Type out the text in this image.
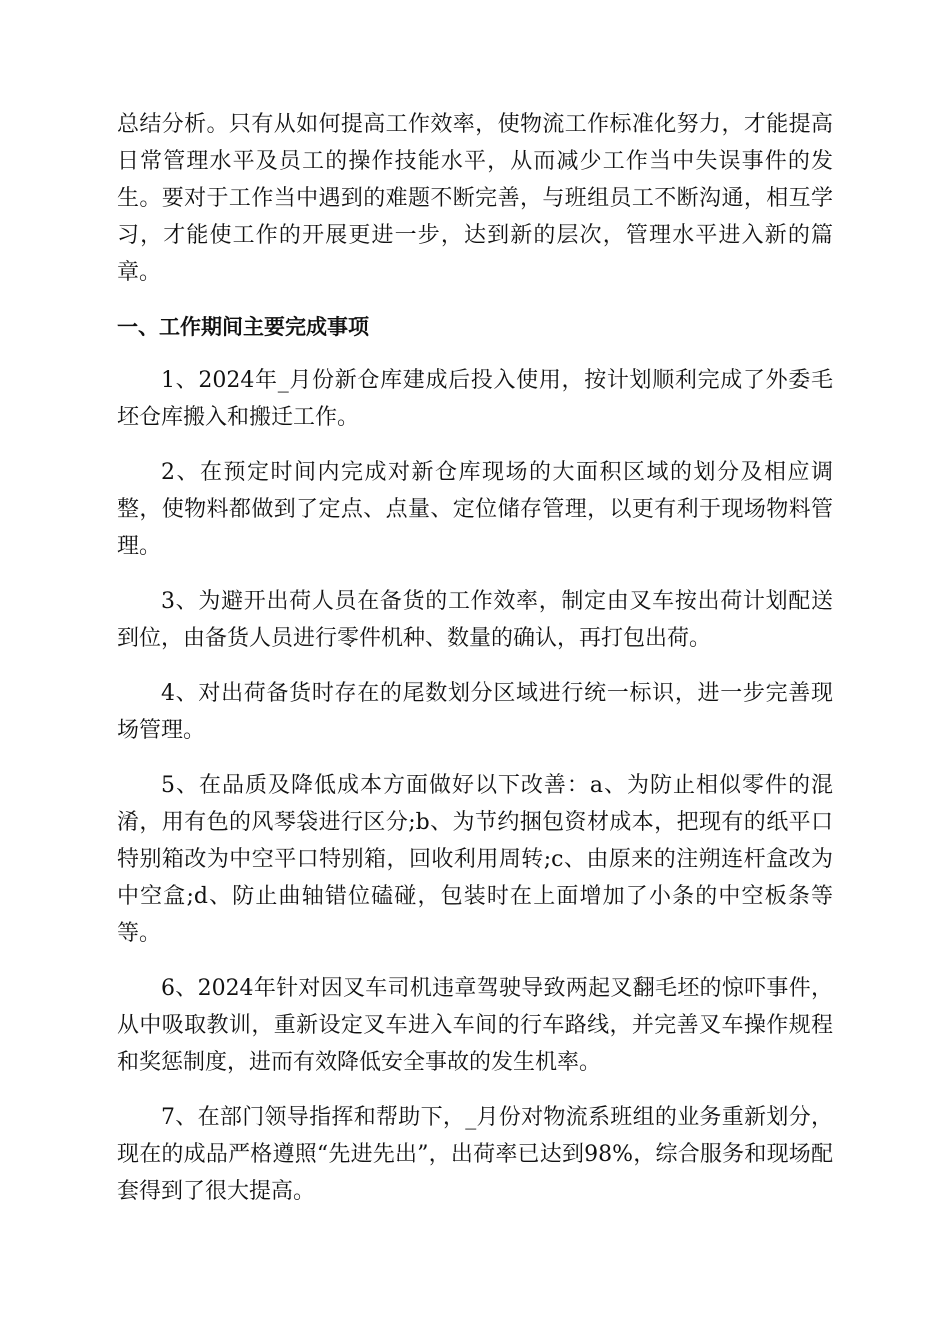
总结分析。只有从如何提高工作效率，使物流工作标准化努力，才能提高日常管理水平及员工的操作技能水平，从而减少工作当中失误事件的发生。要对于工作当中遇到的难题不断完善，与班组员工不断沟通，相互学习，才能使工作的开展更进一步，达到新的层次，管理水平进入新的篇章。

一、工作期间主要完成事项

1、2024年_月份新仓库建成后投入使用，按计划顺利完成了外委毛坯仓库搬入和搬迁工作。

2、在预定时间内完成对新仓库现场的大面积区域的划分及相应调整，使物料都做到了定点、点量、定位储存管理，以更有利于现场物料管理。

3、为避开出荷人员在备货的工作效率，制定由叉车按出荷计划配送到位，由备货人员进行零件机种、数量的确认，再打包出荷。

4、对出荷备货时存在的尾数划分区域进行统一标识，进一步完善现场管理。

5、在品质及降低成本方面做好以下改善：a、为防止相似零件的混淆，用有色的风琴袋进行区分;b、为节约捆包资材成本，把现有的纸平口特别箱改为中空平口特别箱，回收利用周转;c、由原来的注朔连杆盒改为中空盒;d、防止曲轴错位磕碰，包装时在上面增加了小条的中空板条等等。

6、2024年针对因叉车司机违章驾驶导致两起叉翻毛坯的惊吓事件，从中吸取教训，重新设定叉车进入车间的行车路线，并完善叉车操作规程和奖惩制度，进而有效降低安全事故的发生机率。

7、在部门领导指挥和帮助下，_月份对物流系班组的业务重新划分，现在的成品严格遵照“先进先出”，出荷率已达到98%，综合服务和现场配套得到了很大提高。
